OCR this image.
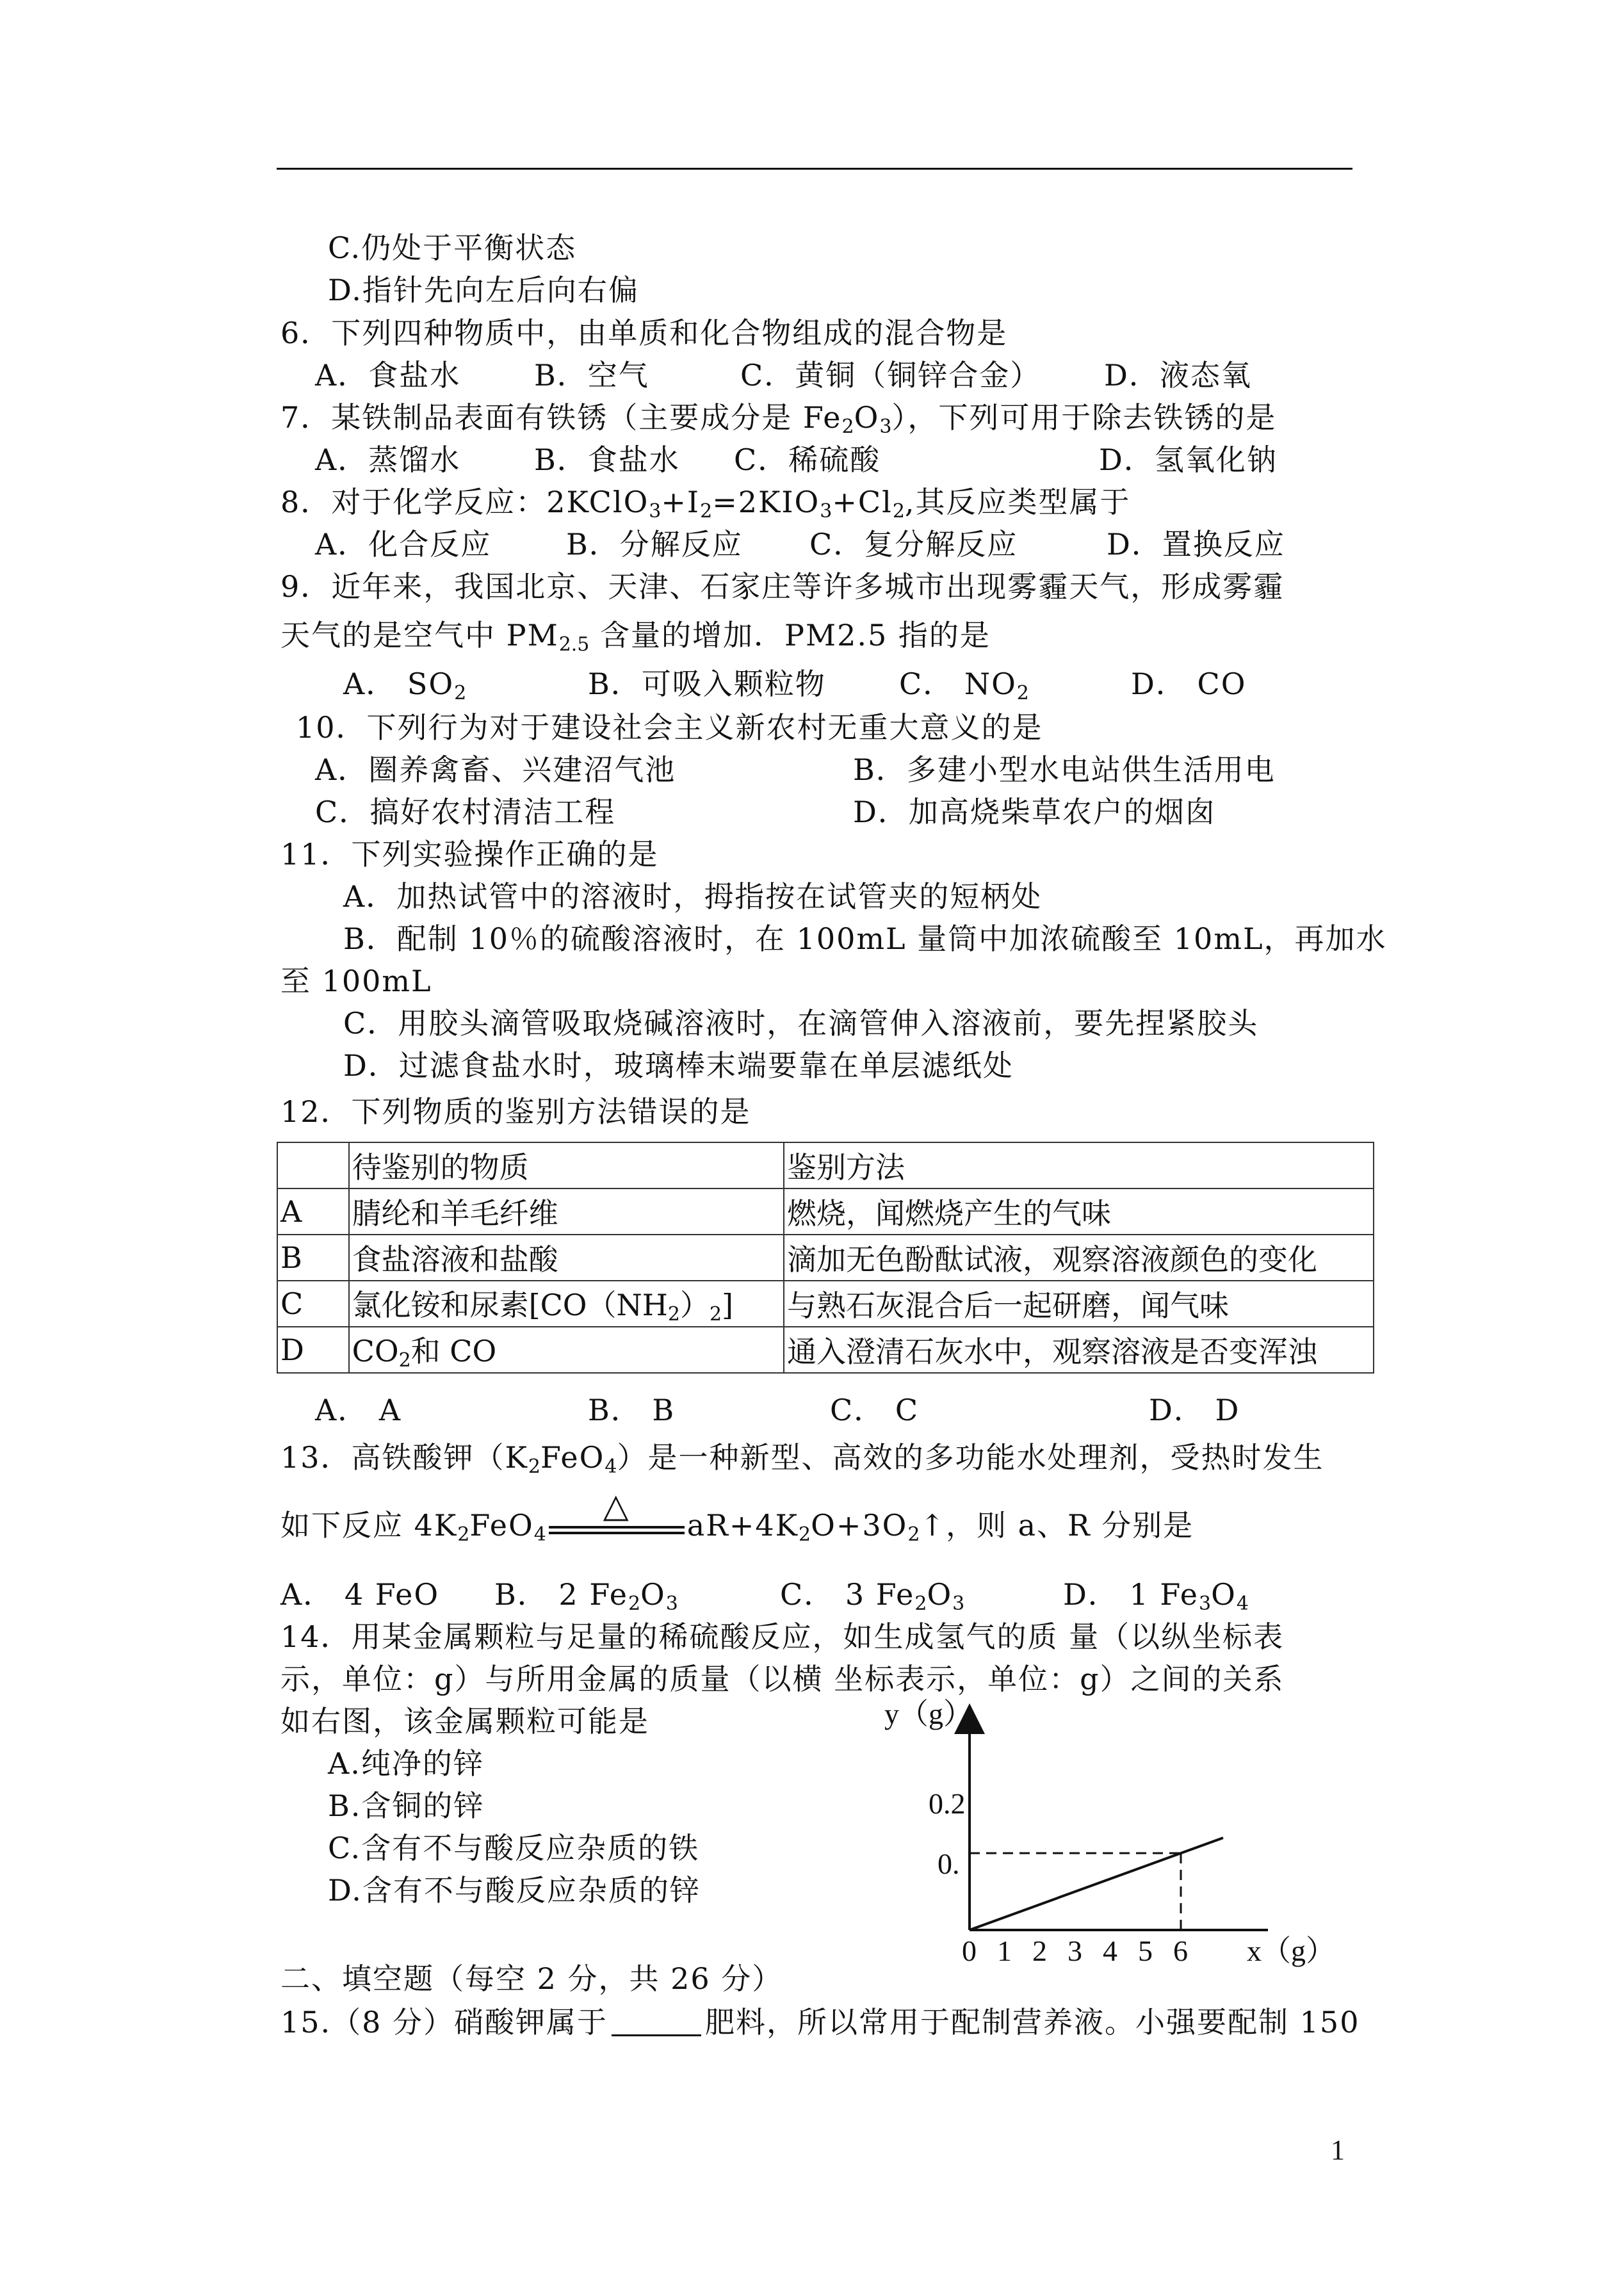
C.仍处于平衡状态
D.指针先向左后向右偏
6．下列四种物质中，由单质和化合物组成的混合物是
A．食盐水 B．空气	C．黄铜（铜锌合金） D．液态氧
7．某铁制品表面有铁锈（主要成分是 $Fe_2O_3$），下列可用于除去铁锈的是
A．蒸馏水 B．食盐水 C．稀硫酸	D．氢氧化钠
8．对于化学反应：$2KClO_3+I_2=2KIO_3+Cl_2$,其反应类型属于
A．化合反应	B．分解反应 C．复分解反应	D．置换反应
9．近年来，我国北京、天津、石家庄等许多城市出现雾霾天气，形成雾霾
天气的是空气中 $PM_{2.5}$ 含量的增加．PM2.5 指的是
A． $SO_2$	B．可吸入颗粒物 C． $NO_2$	D． CO
10．下列行为对于建设社会主义新农村无重大意义的是
A．圈养禽畜、兴建沼气池	B．多建小型水电站供生活用电
C．搞好农村清洁工程	D．加高烧柴草农户的烟囱
11．下列实验操作正确的是
A．加热试管中的溶液时，拇指按在试管夹的短柄处
B．配制 10％的硫酸溶液时，在 100mL 量筒中加浓硫酸至 10mL，再加水
至 100mL
C．用胶头滴管吸取烧碱溶液时，在滴管伸入溶液前，要先捏紧胶头
D．过滤食盐水时，玻璃棒末端要靠在单层滤纸处
12．下列物质的鉴别方法错误的是
	待鉴别的物质	鉴别方法
A	腈纶和羊毛纤维	燃烧，闻燃烧产生的气味
B	食盐溶液和盐酸	滴加无色酚酞试液，观察溶液颜色的变化
C	氯化铵和尿素$[CO(NH_2)_2]$	与熟石灰混合后一起研磨，闻气味
D	$CO_2$和 CO	通入澄清石灰水中，观察溶液是否变浑浊
A． A	B． B	C． C	D． D
13．高铁酸钾$(K_2FeO_4)$是一种新型、高效的多功能水处理剂，受热时发生
如下反应 $4K_2FeO_4$
△	$aR+4K_2O+3O_2↑$，则 a、R 分别是
A． 4 FeO B． 2 $Fe_2O_3$	C． 3 $Fe_2O_3$	D． 1 $Fe_3O_4$
14．用某金属颗粒与足量的稀硫酸反应，如生成氢气的质 量（以纵坐标表
示，单位：g）与所用金属的质量（以横 坐标表示，单位：g）之间的关系
如右图，该金属颗粒可能是
A.纯净的锌
B.含铜的锌
C.含有不与酸反应杂质的铁
D.含有不与酸反应杂质的锌
y（g）
x（g）
0.2
0.
0 1 2 3 4 5 6
二、填空题（每空 2 分，共 26 分）
15.（8 分）硝酸钾属于	肥料，所以常用于配制营养液。小强要配制 150
1
